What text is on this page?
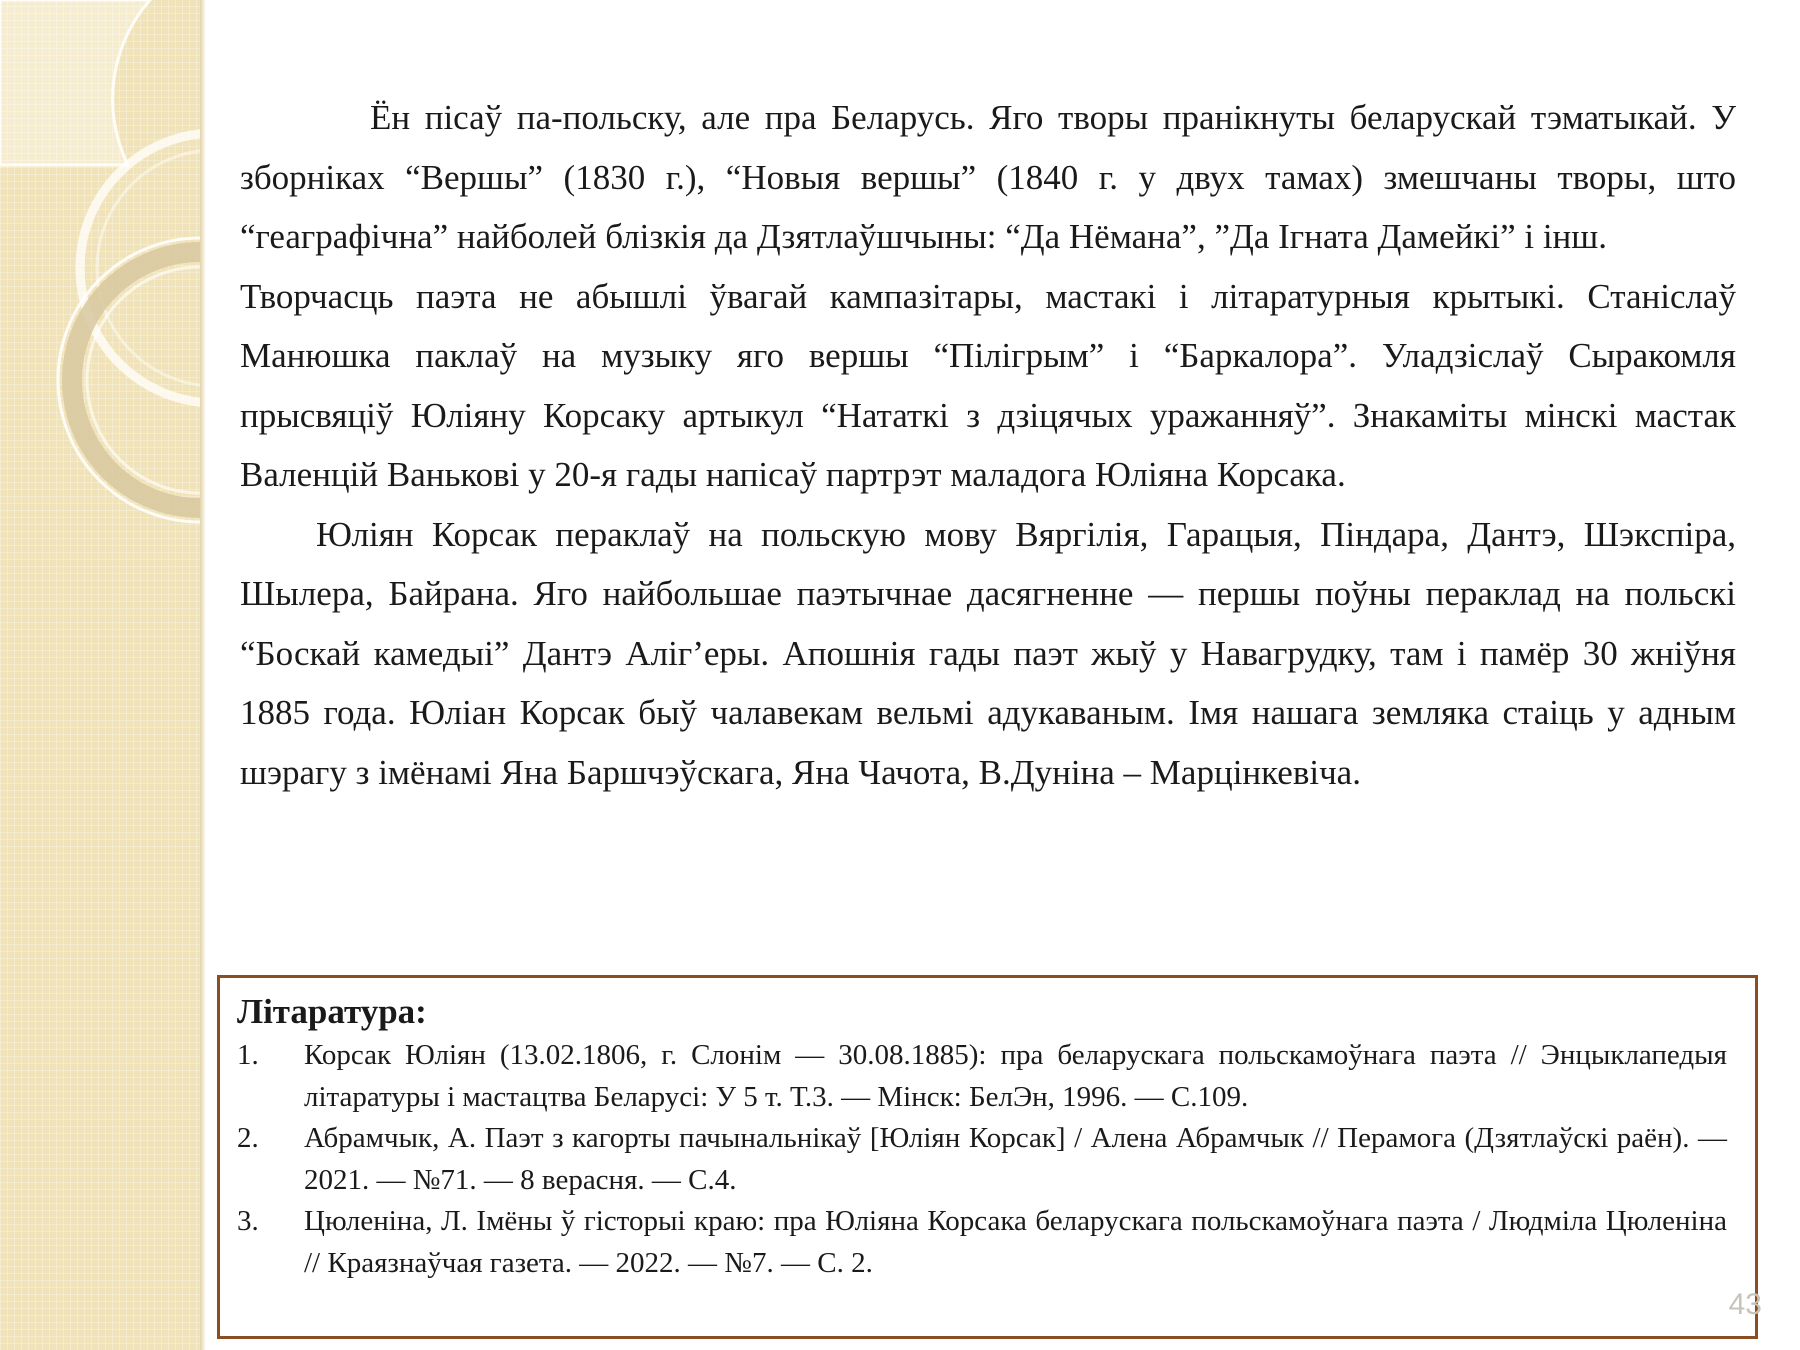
Ён пісаў па-польску, але пра Беларусь. Яго творы пранікнуты беларускай тэматыкай. У зборніках “Вершы” (1830 г.), “Новыя вершы” (1840 г. у двух тамах) змешчаны творы, што “геаграфічна” найболей блізкія да Дзятлаўшчыны: “Да Нёмана”, ”Да Ігната Дамейкі” і інш.

Творчасць паэта не абышлі ўвагай кампазітары, мастакі і літаратурныя крытыкі. Станіслаў Манюшка паклаў на музыку яго вершы “Пілігрым” і “Баркалора”. Уладзіслаў Сыракомля прысвяціў Юліяну Корсаку артыкул “Нататкі з дзіцячых уражанняў”. Знакаміты мінскі мастак Валенцій Ванькові у 20-я гады напісаў партрэт маладога Юліяна Корсака.

Юліян Корсак пераклаў на польскую мову Вяргілія, Гарацыя, Піндара, Дантэ, Шэкспіра, Шылера, Байрана. Яго найбольшае паэтычнае дасягненне — першы поўны пераклад на польскі “Боскай камедыі” Дантэ Аліг’еры. Апошнія гады паэт жыў у Навагрудку, там і памёр 30 жніўня 1885 года. Юліан Корсак быў чалавекам вельмі адукаваным. Імя нашага земляка стаіць у адным шэрагу з імёнамі Яна Баршчэўскага, Яна Чачота, В.Дуніна – Марцінкевіча.

Літаратура:
1. Корсак Юліян (13.02.1806, г. Слонім — 30.08.1885): пра беларускага польскамоўнага паэта // Энцыклапедыя літаратуры і мастацтва Беларусі: У 5 т. Т.3. — Мінск: БелЭн, 1996. — С.109.
2. Абрамчык, А. Паэт з кагорты пачынальнікаў [Юліян Корсак] / Алена Абрамчык // Перамога (Дзятлаўскі раён). — 2021. — №71. — 8 верасня. — С.4.
3. Цюленіна, Л. Імёны ў гісторыі краю: пра Юліяна Корсака беларускага польскамоўнага паэта / Людміла Цюленіна // Краязнаўчая газета. — 2022. — №7. — С. 2.
43
